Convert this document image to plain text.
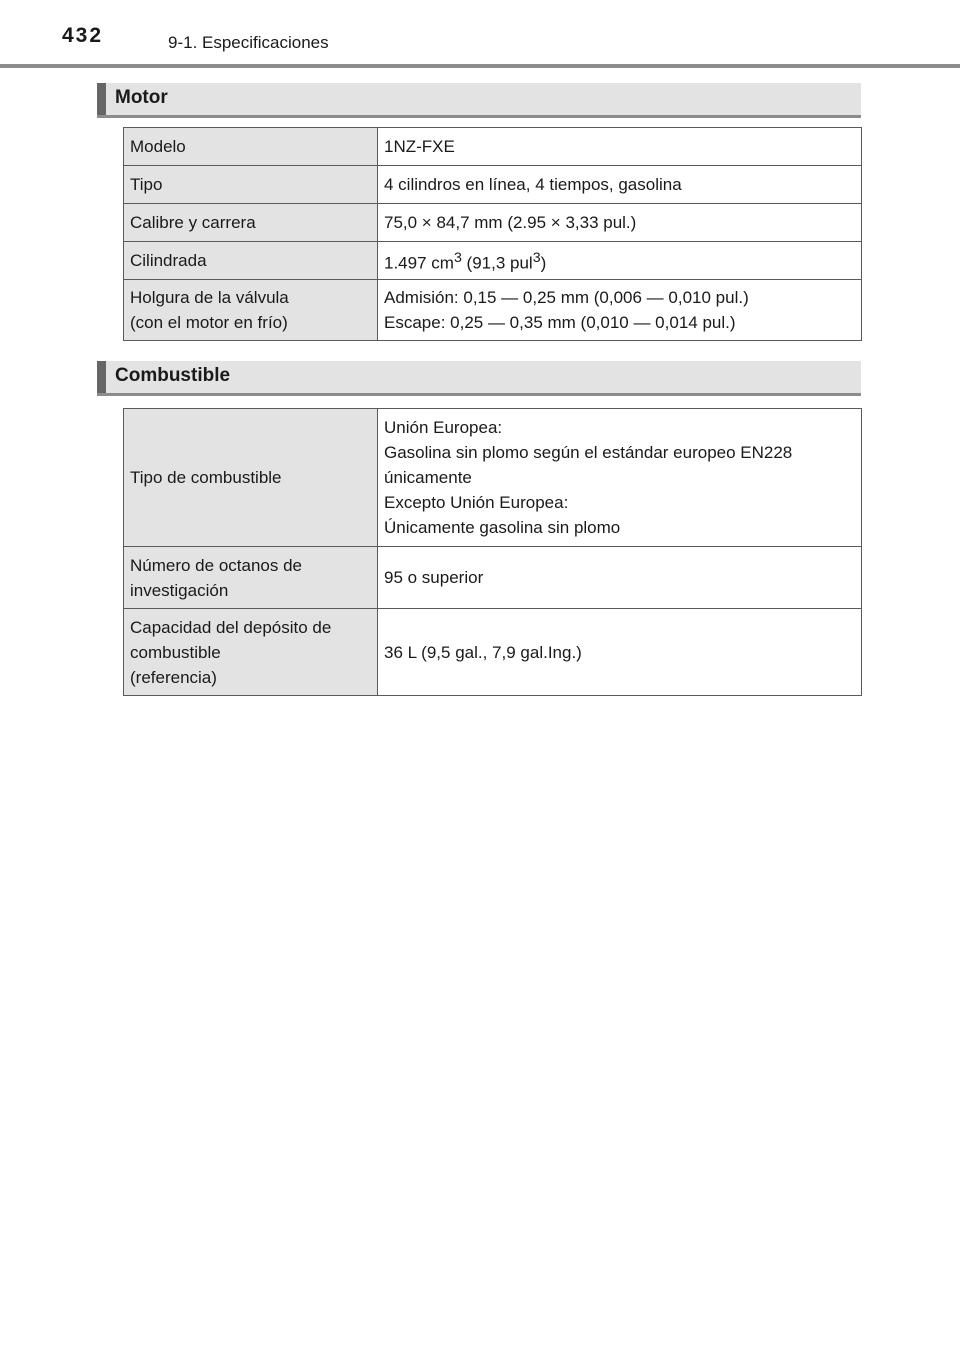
432	9-1. Especificaciones
Motor
Modelo	1NZ-FXE

Tipo	4 cilindros en línea, 4 tiempos, gasolina

Calibre y carrera	75,0 × 84,7 mm (2.95 × 3,33 pul.)

Cilindrada	1.497 $cm^3$ (91,3 pul$^3$)

Holgura de la válvula
(con el motor en frío)	Admisión: 0,15 — 0,25 mm (0,006 — 0,010 pul.)
Escape: 0,25 — 0,35 mm (0,010 — 0,014 pul.)
Combustible
Tipo de combustible	Unión Europea:
Gasolina sin plomo según el estándar europeo EN228
únicamente
Excepto Unión Europea:
Únicamente gasolina sin plomo

Número de octanos de
investigación	95 o superior

Capacidad del depósito de
combustible
(referencia)	36 L (9,5 gal., 7,9 gal.Ing.)
